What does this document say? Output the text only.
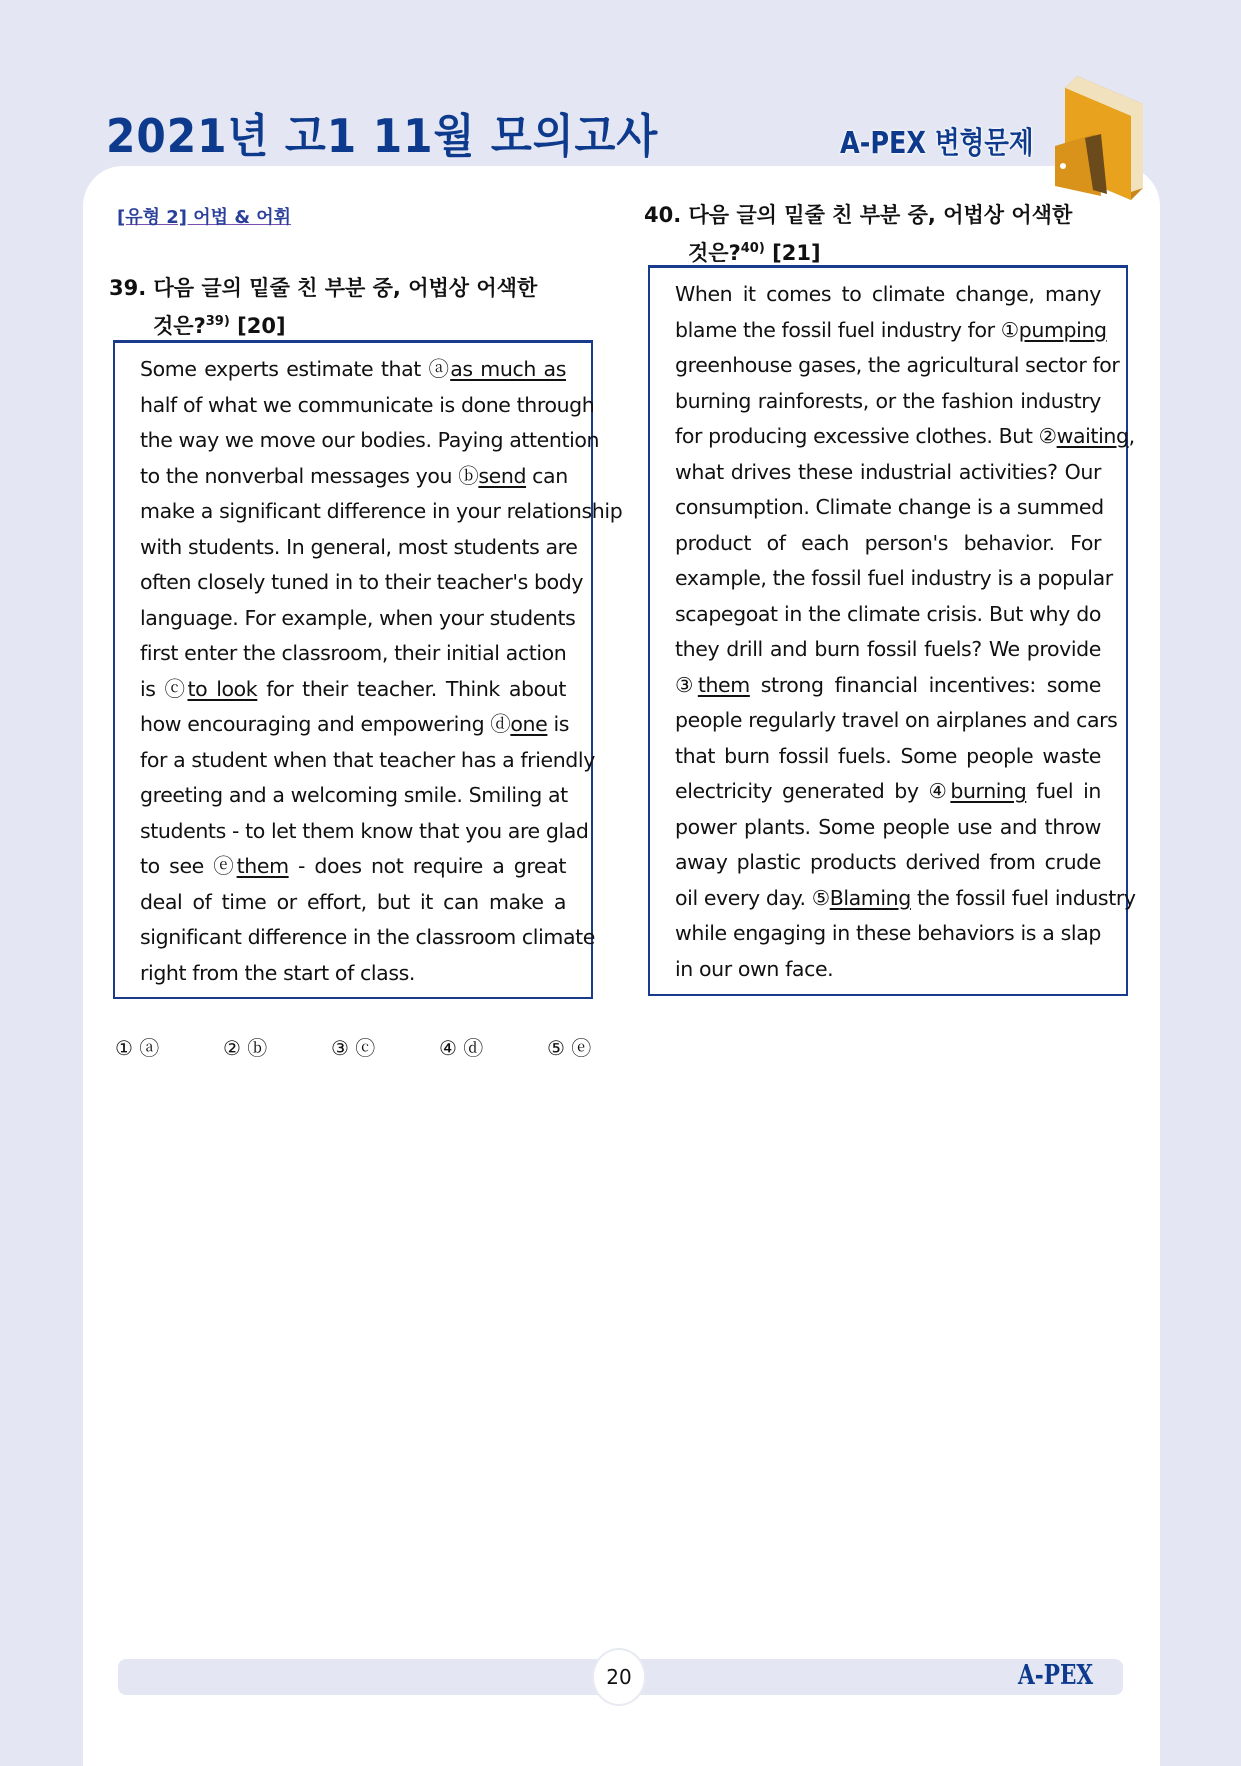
2021년 고1 11월 모의고사	A-PEX 변형문제
[유형 2] 어법 & 어휘
39. 다음 글의 밑줄 친 부분 중, 어법상 어색한
것은?$^{39)}$ [20]
Some experts estimate that ⓐas much as
half of what we communicate is done through
the way we move our bodies. Paying attention
to the nonverbal messages you ⓑsend can
make a significant difference in your relationship
with students. In general, most students are
often closely tuned in to their teacher's body
language. For example, when your students
first enter the classroom, their initial action
is ⓒto look for their teacher. Think about
how encouraging and empowering ⓓone is
for a student when that teacher has a friendly
greeting and a welcoming smile. Smiling at
students - to let them know that you are glad
to see ⓔthem - does not require a great
deal of time or effort, but it can make a
significant difference in the classroom climate
right from the start of class.
① ⓐ	② ⓑ	③ ⓒ	④ ⓓ	⑤ ⓔ
40. 다음 글의 밑줄 친 부분 중, 어법상 어색한
것은?$^{40)}$ [21]
When it comes to climate change, many
blame the fossil fuel industry for ①pumping
greenhouse gases, the agricultural sector for
burning rainforests, or the fashion industry
for producing excessive clothes. But ②waiting,
what drives these industrial activities? Our
consumption. Climate change is a summed
product of each person's behavior. For
example, the fossil fuel industry is a popular
scapegoat in the climate crisis. But why do
they drill and burn fossil fuels? We provide
③them strong financial incentives: some
people regularly travel on airplanes and cars
that burn fossil fuels. Some people waste
electricity generated by ④burning fuel in
power plants. Some people use and throw
away plastic products derived from crude
oil every day. ⑤Blaming the fossil fuel industry
while engaging in these behaviors is a slap
in our own face.
20	A-PEX
